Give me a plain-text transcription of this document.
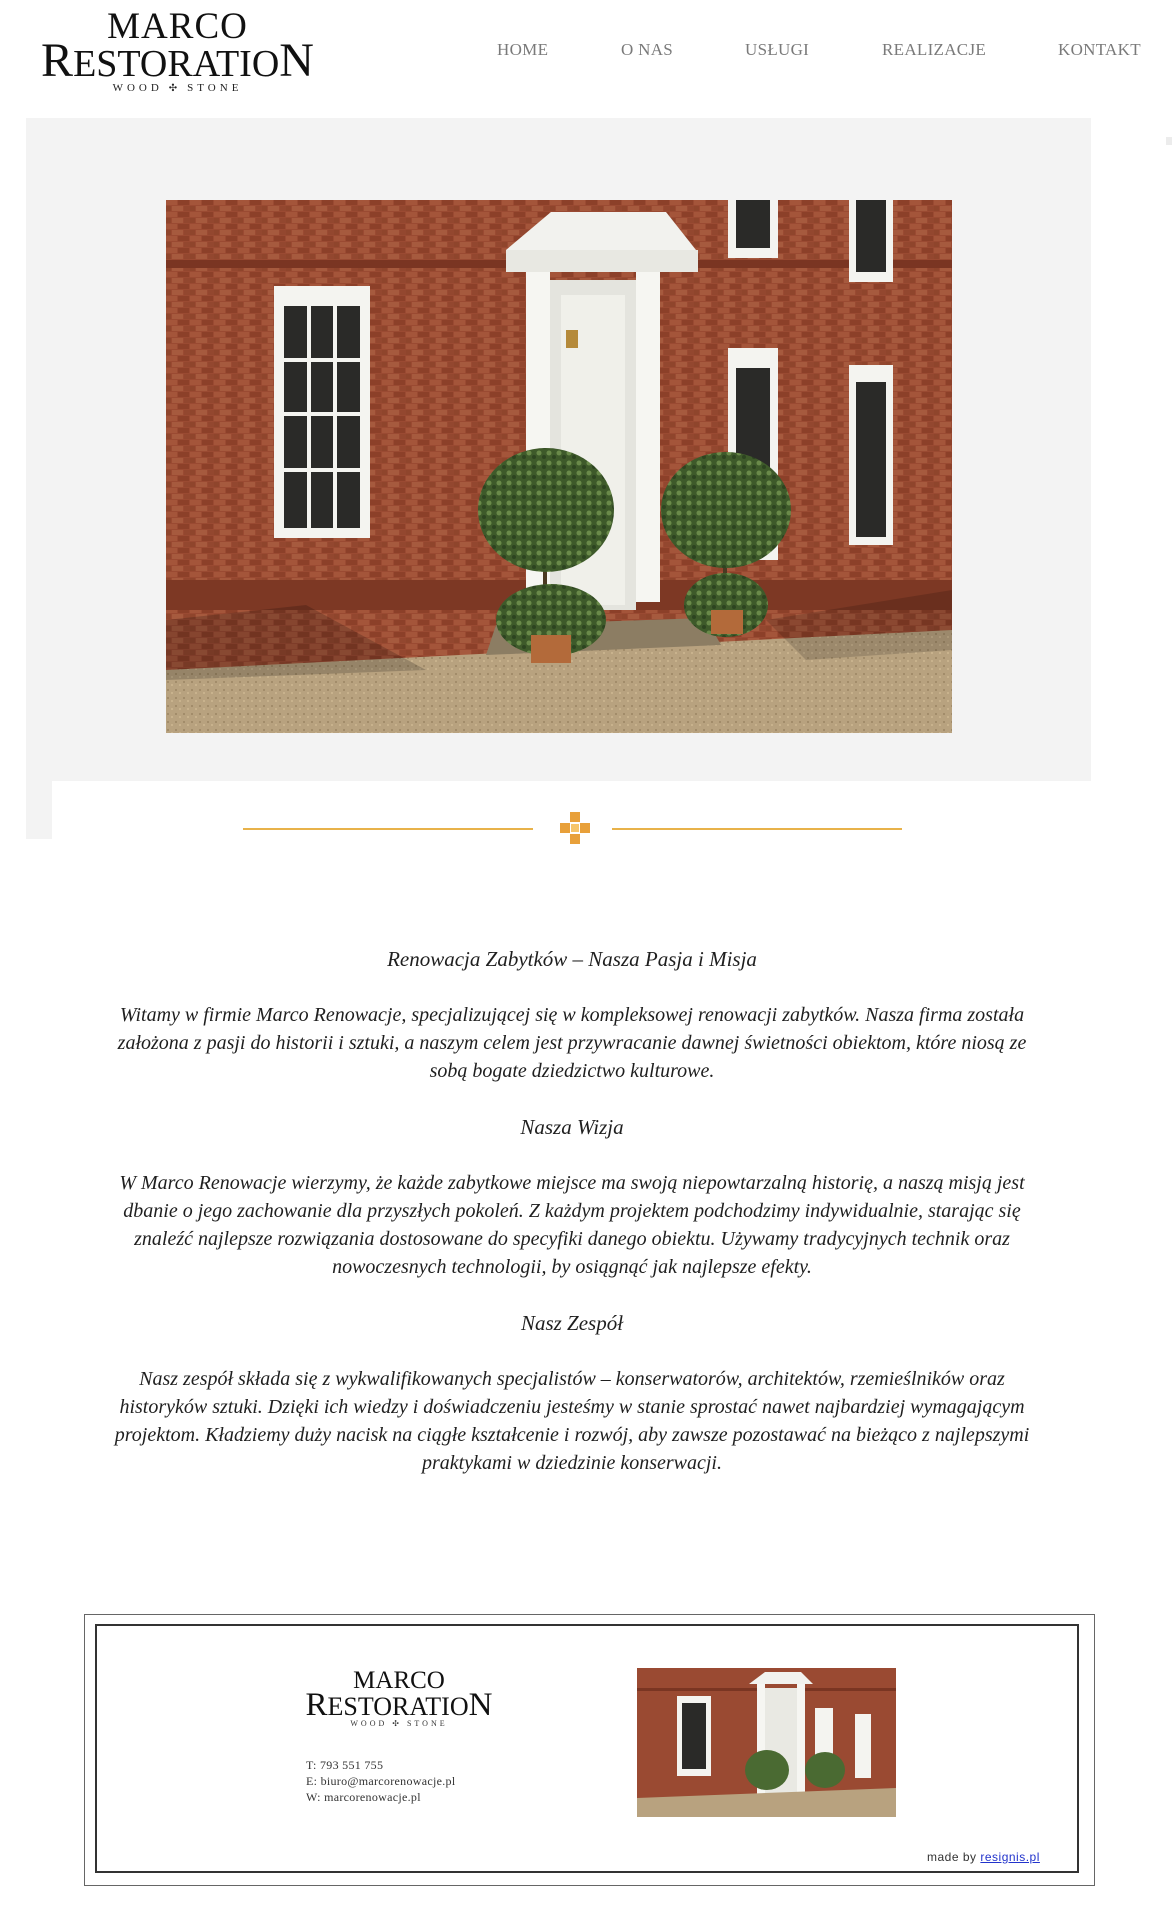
MARCO
RESTORATION
WOOD ✣ STONE
HOME	O NAS	USŁUGI	REALIZACJE	KONTAKT
Renowacja Zabytków – Nasza Pasja i Misja

Witamy w firmie Marco Renowacje, specjalizującej się w kompleksowej renowacji zabytków. Nasza firma została założona z pasji do historii i sztuki, a naszym celem jest przywracanie dawnej świetności obiektom, które niosą ze sobą bogate dziedzictwo kulturowe.

Nasza Wizja

W Marco Renowacje wierzymy, że każde zabytkowe miejsce ma swoją niepowtarzalną historię, a naszą misją jest dbanie o jego zachowanie dla przyszłych pokoleń. Z każdym projektem podchodzimy indywidualnie, starając się znaleźć najlepsze rozwiązania dostosowane do specyfiki danego obiektu. Używamy tradycyjnych technik oraz nowoczesnych technologii, by osiągnąć jak najlepsze efekty.

Nasz Zespół

Nasz zespół składa się z wykwalifikowanych specjalistów – konserwatorów, architektów, rzemieślników oraz historyków sztuki. Dzięki ich wiedzy i doświadczeniu jesteśmy w stanie sprostać nawet najbardziej wymagającym projektom. Kładziemy duży nacisk na ciągłe kształcenie i rozwój, aby zawsze pozostawać na bieżąco z najlepszymi praktykami w dziedzinie konserwacji.

MARCO
RESTORATION
WOOD ✣ STONE
T: 793 551 755
E: biuro@marcorenowacje.pl
W: marcorenowacje.pl
made by resignis.pl
